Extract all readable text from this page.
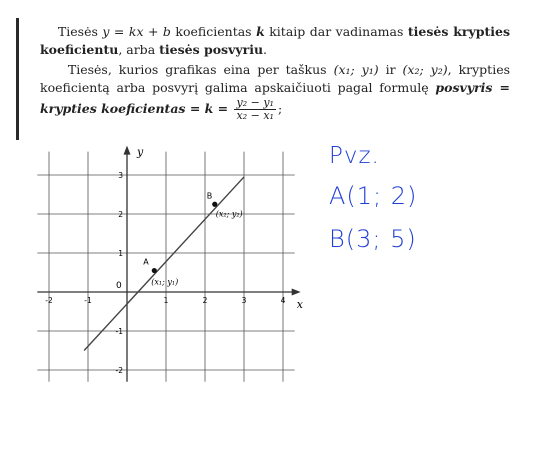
Tiesės y = kx + b koeficientas k kitaip dar vadinamas tiesės krypties koeficientu, arba tiesės posvyriu.

Tiesės, kurios grafikas eina per taškus (x₁; y₁) ir (x₂; y₂), krypties koeficientą arba posvyrį galima apskaičiuoti pagal formulę posvyris = krypties koeficientas = $k = \frac{\text{y₂ − y₁}}{\text{x₂ − x₁}}$ ;

x
y
0
-2	-1	1	2	3	4
3
2
1
-1
-2
A
B
(x₁; y₁)
(x₂; y₂)
Pvz.
A(1; 2)
B(3; 5)
